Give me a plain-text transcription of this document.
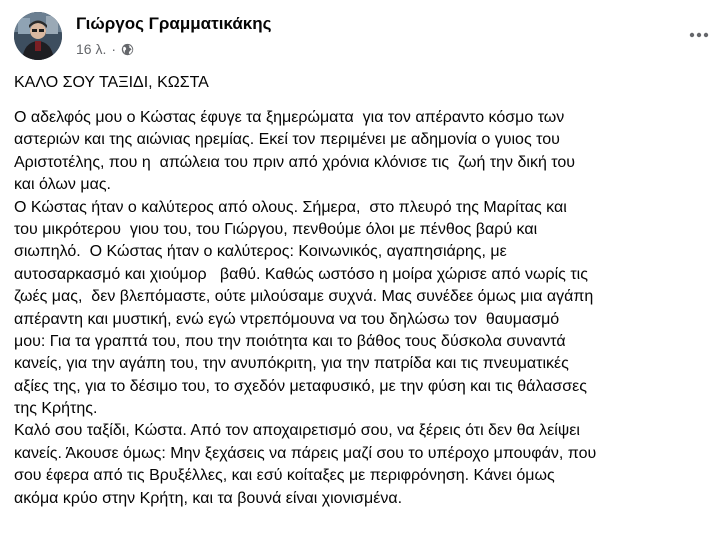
Γιώργος Γραμματικάκης
16 λ. ·
ΚΑΛΟ ΣΟΥ ΤΑΞΙΔΙ, ΚΩΣΤΑ
Ο αδελφός μου ο Κώστας έφυγε τα ξημερώματα  για τον απέραντο κόσμο των
αστεριών και της αιώνιας ηρεμίας. Εκεί τον περιμένει με αδημονία ο γυιος του
Αριστοτέλης, που η  απώλεια του πριν από χρόνια κλόνισε τις  ζωή την δική του
και όλων μας.
Ο Κώστας ήταν ο καλύτερος από ολους. Σήμερα,  στο πλευρό της Μαρίτας και
του μικρότερου  γιου του, του Γιώργου, πενθούμε όλοι με πένθος βαρύ και
σιωπηλό.  Ο Κώστας ήταν ο καλύτερος: Κοινωνικός, αγαπησιάρης, με
αυτοσαρκασμό και χιούμορ   βαθύ. Καθώς ωστόσο η μοίρα χώρισε από νωρίς τις
ζωές μας,  δεν βλεπόμαστε, ούτε μιλούσαμε συχνά. Μας συνέδεε όμως μια αγάπη
απέραντη και μυστική, ενώ εγώ ντρεπόμουνα να του δηλώσω τον  θαυμασμό
μου: Για τα γραπτά του, που την ποιότητα και το βάθος τους δύσκολα συναντά
κανείς, για την αγάπη του, την ανυπόκριτη, για την πατρίδα και τις πνευματικές
αξίες της, για το δέσιμο του, το σχεδόν μεταφυσικό, με την φύση και τις θάλασσες
της Κρήτης.
Καλό σου ταξίδι, Κώστα. Από τον αποχαιρετισμό σου, να ξέρεις ότι δεν θα λείψει
κανείς. Άκουσε όμως: Μην ξεχάσεις να πάρεις μαζί σου το υπέροχο μπουφάν, που
σου έφερα από τις Βρυξέλλες, και εσύ κοίταξες με περιφρόνηση. Κάνει όμως
ακόμα κρύο στην Κρήτη, και τα βουνά είναι χιονισμένα.
